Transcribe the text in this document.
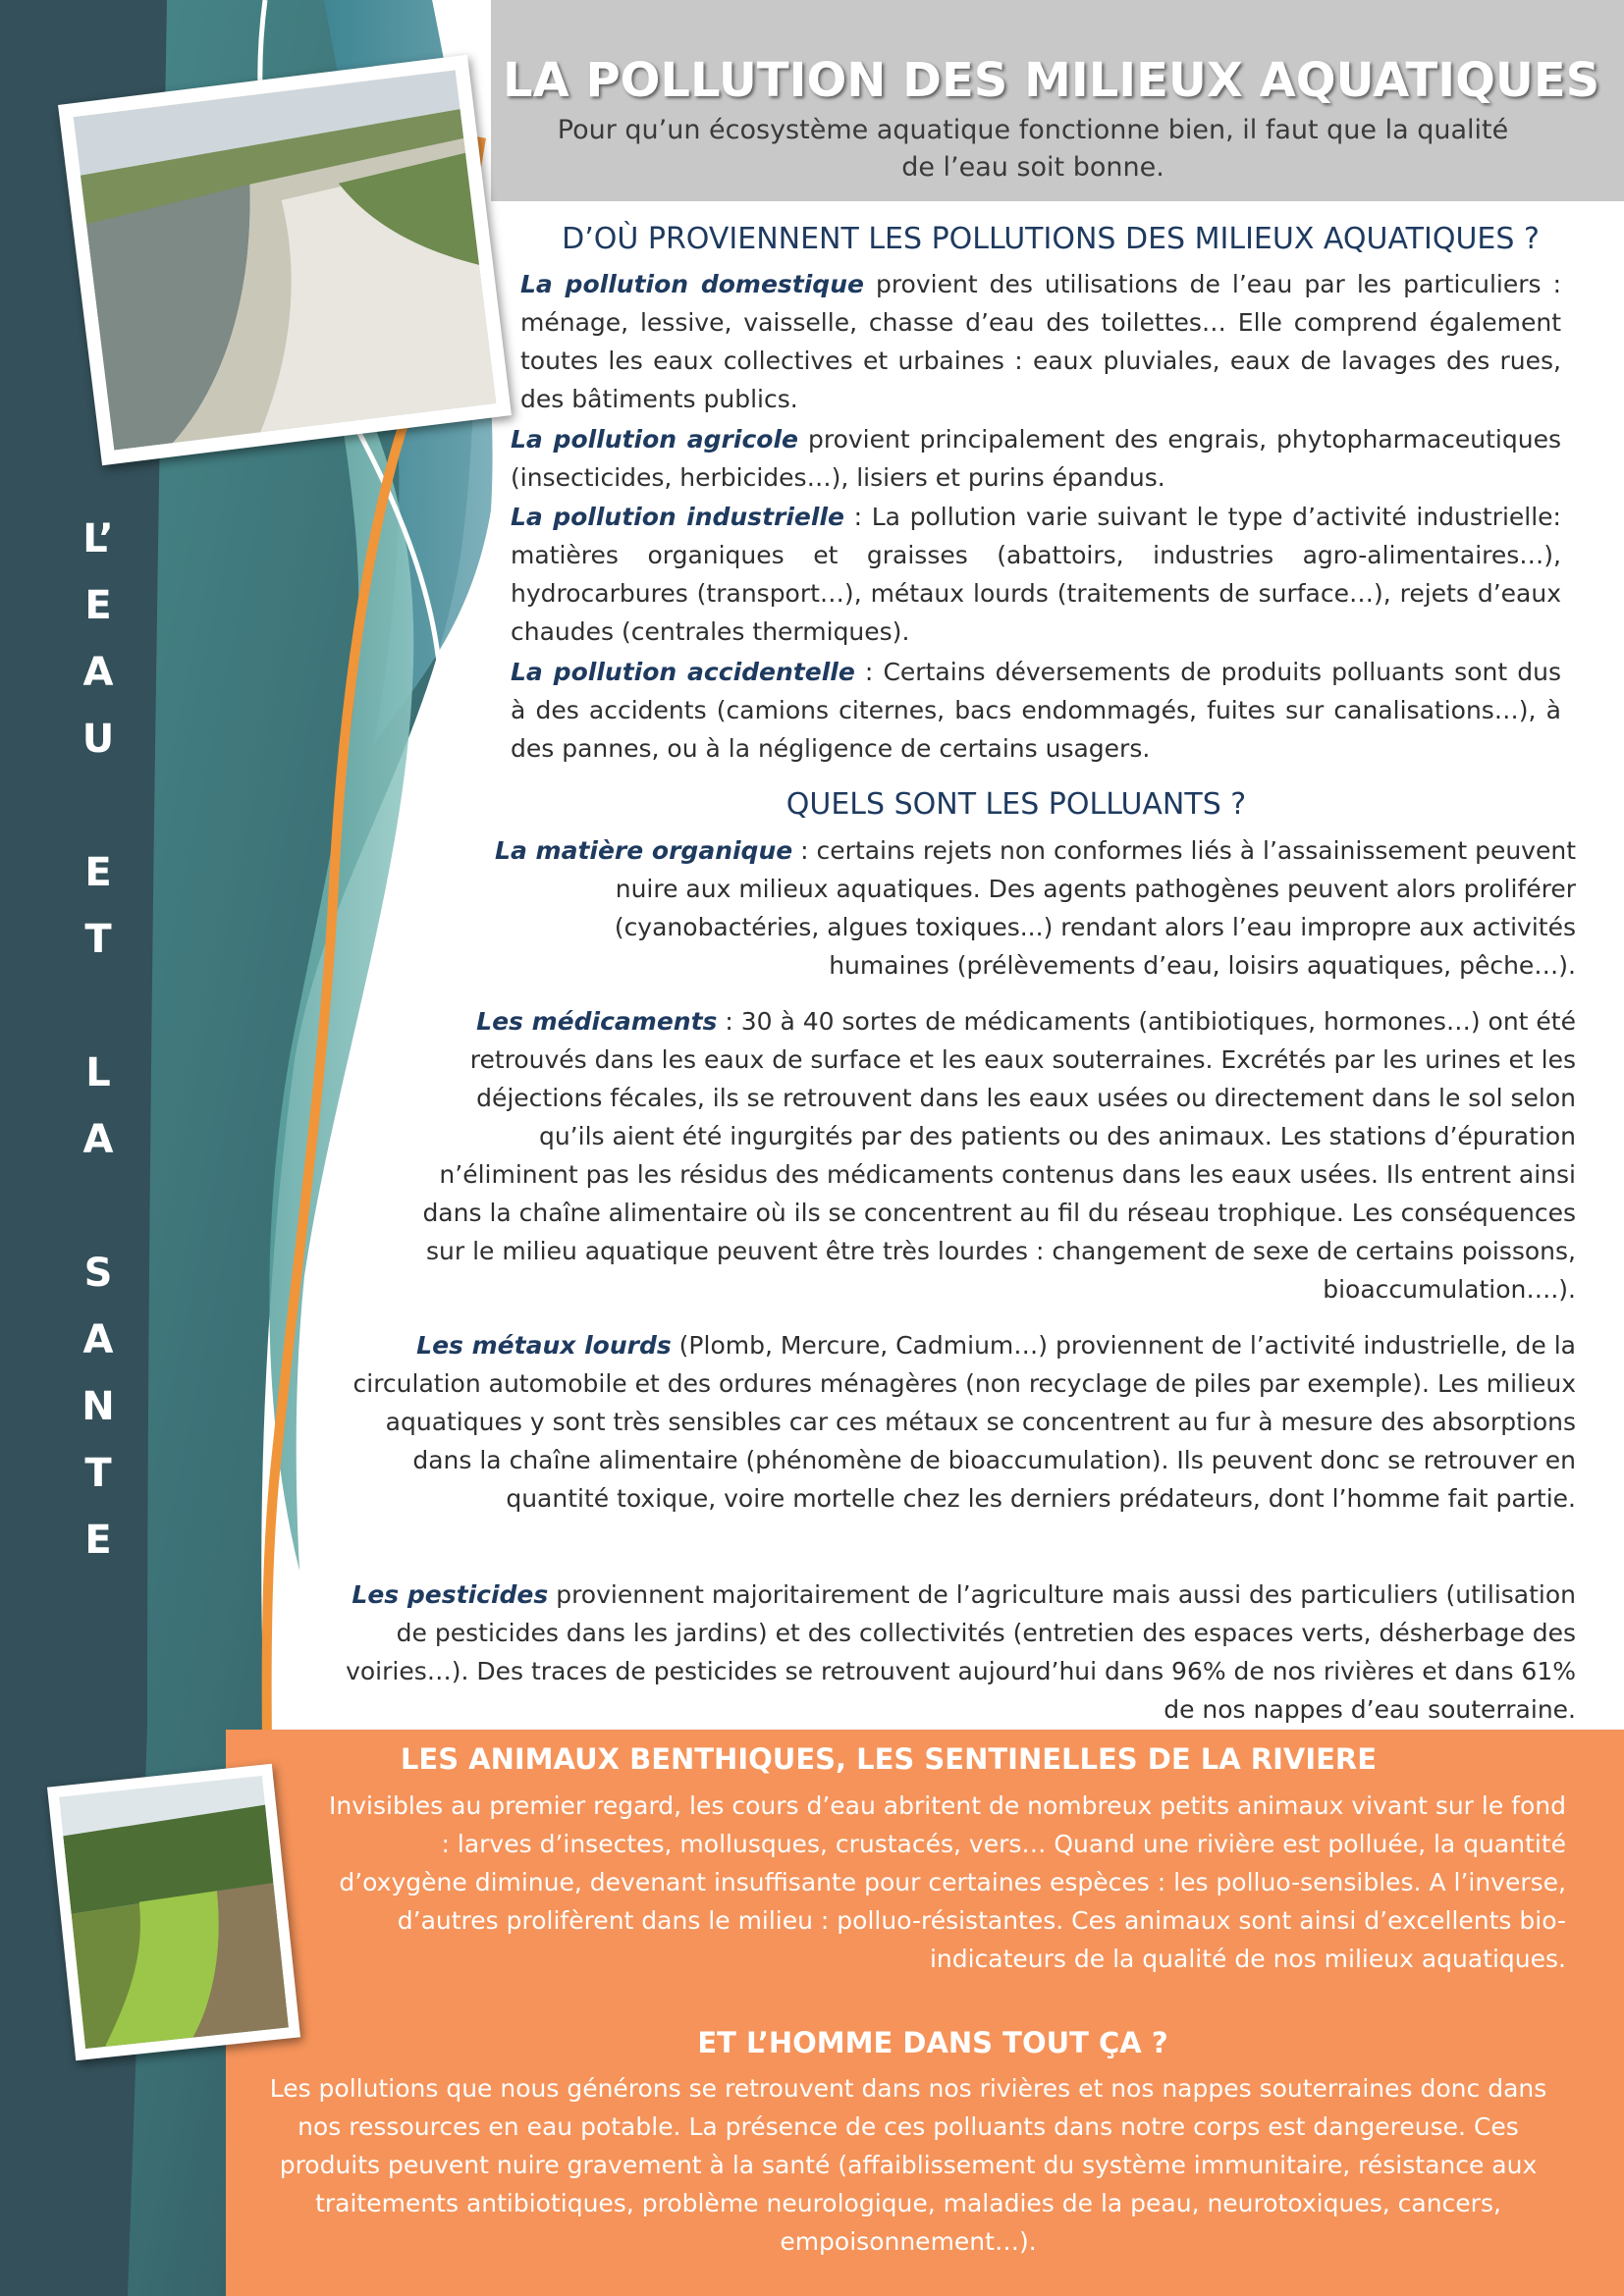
L’
E
A
U
E
T
L
A
S
A
N
T
E
LA POLLUTION DES MILIEUX AQUATIQUES
Pour qu’un écosystème aquatique fonctionne bien, il faut que la qualité
de l’eau soit bonne.
D’OÙ PROVIENNENT LES POLLUTIONS DES MILIEUX AQUATIQUES ?
La pollution domestique provient des utilisations de l’eau par les particuliers : ménage, lessive, vaisselle, chasse d’eau des toilettes… Elle comprend également toutes les eaux collectives et urbaines : eaux pluviales, eaux de lavages des rues, des bâtiments publics.
La pollution agricole provient principalement des engrais, phytopharmaceutiques (insecticides, herbicides…), lisiers et purins épandus.
La pollution industrielle : La pollution varie suivant le type d’activité industrielle: matières organiques et graisses (abattoirs, industries agro-alimentaires…), hydrocarbures (transport…), métaux lourds (traitements de surface…), rejets d’eaux chaudes (centrales thermiques).
La pollution accidentelle : Certains déversements de produits polluants sont dus à des accidents (camions citernes, bacs endommagés, fuites sur canalisations…), à des pannes, ou à la négligence de certains usagers.
QUELS SONT LES POLLUANTS ?
La matière organique : certains rejets non conformes liés à l’assainissement peuvent nuire aux milieux aquatiques. Des agents pathogènes peuvent alors proliférer (cyanobactéries, algues toxiques...) rendant alors l’eau impropre aux activités humaines (prélèvements d’eau, loisirs aquatiques, pêche…).
Les médicaments : 30 à 40 sortes de médicaments (antibiotiques, hormones…) ont été retrouvés dans les eaux de surface et les eaux souterraines. Excrétés par les urines et les déjections fécales, ils se retrouvent dans les eaux usées ou directement dans le sol selon qu’ils aient été ingurgités par des patients ou des animaux. Les stations d’épuration n’éliminent pas les résidus des médicaments contenus dans les eaux usées. Ils entrent ainsi dans la chaîne alimentaire où ils se concentrent au fil du réseau trophique. Les conséquences sur le milieu aquatique peuvent être très lourdes : changement de sexe de certains poissons, bioaccumulation….).
Les métaux lourds (Plomb, Mercure, Cadmium…) proviennent de l’activité industrielle, de la circulation automobile et des ordures ménagères (non recyclage de piles par exemple). Les milieux aquatiques y sont très sensibles car ces métaux se concentrent au fur à mesure des absorptions dans la chaîne alimentaire (phénomène de bioaccumulation). Ils peuvent donc se retrouver en quantité toxique, voire mortelle chez les derniers prédateurs, dont l’homme fait partie.
Les pesticides proviennent majoritairement de l’agriculture mais aussi des particuliers (utilisation de pesticides dans les jardins) et des collectivités (entretien des espaces verts, désherbage des voiries…). Des traces de pesticides se retrouvent aujourd’hui dans 96% de nos rivières et dans 61% de nos nappes d’eau souterraine.
LES ANIMAUX BENTHIQUES, LES SENTINELLES DE LA RIVIERE
Invisibles au premier regard, les cours d’eau abritent de nombreux petits animaux vivant sur le fond : larves d’insectes, mollusques, crustacés, vers… Quand une rivière est polluée, la quantité d’oxygène diminue, devenant insuffisante pour certaines espèces : les polluo-sensibles. A l’inverse, d’autres prolifèrent dans le milieu : polluo-résistantes. Ces animaux sont ainsi d’excellents bio-indicateurs de la qualité de nos milieux aquatiques.
ET L’HOMME DANS TOUT ÇA ?
Les pollutions que nous générons se retrouvent dans nos rivières et nos nappes souterraines donc dans nos ressources en eau potable. La présence de ces polluants dans notre corps est dangereuse. Ces produits peuvent nuire gravement à la santé (affaiblissement du système immunitaire, résistance aux traitements antibiotiques, problème neurologique, maladies de la peau, neurotoxiques, cancers, empoisonnement…).
